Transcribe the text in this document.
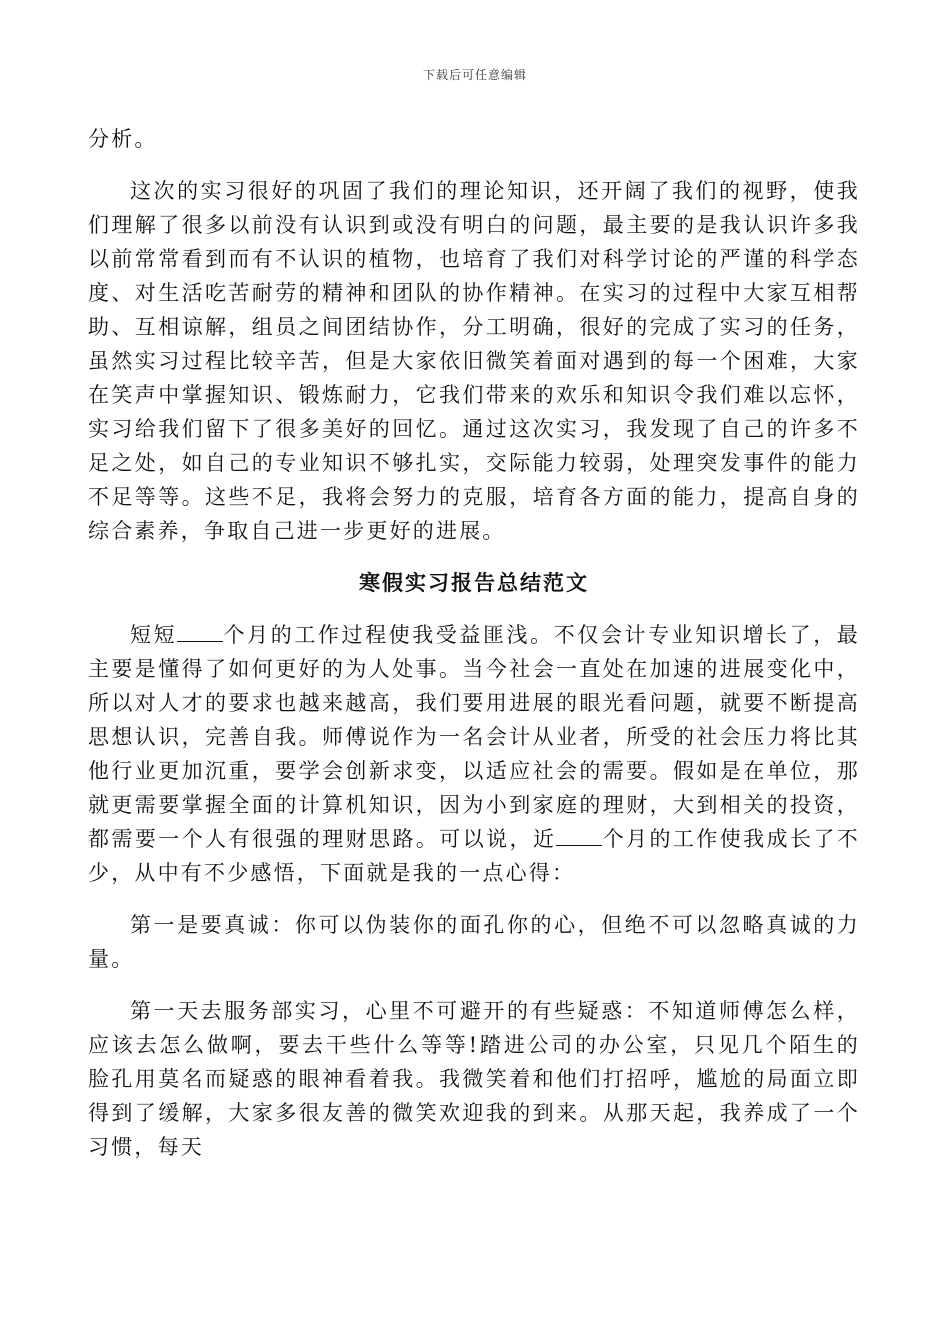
下载后可任意编辑

分析。

这次的实习很好的巩固了我们的理论知识，还开阔了我们的视野，使我们理解了很多以前没有认识到或没有明白的问题，最主要的是我认识许多我以前常常看到而有不认识的植物，也培育了我们对科学讨论的严谨的科学态度、对生活吃苦耐劳的精神和团队的协作精神。在实习的过程中大家互相帮助、互相谅解，组员之间团结协作，分工明确，很好的完成了实习的任务，虽然实习过程比较辛苦，但是大家依旧微笑着面对遇到的每一个困难，大家在笑声中掌握知识、锻炼耐力，它我们带来的欢乐和知识令我们难以忘怀，实习给我们留下了很多美好的回忆。通过这次实习，我发现了自己的许多不足之处，如自己的专业知识不够扎实，交际能力较弱，处理突发事件的能力不足等等。这些不足，我将会努力的克服，培育各方面的能力，提高自身的综合素养，争取自己进一步更好的进展。

寒假实习报告总结范文

短短 个月的工作过程使我受益匪浅。不仅会计专业知识增长了，最主要是懂得了如何更好的为人处事。当今社会一直处在加速的进展变化中，所以对人才的要求也越来越高，我们要用进展的眼光看问题，就要不断提高思想认识，完善自我。师傅说作为一名会计从业者，所受的社会压力将比其他行业更加沉重，要学会创新求变，以适应社会的需要。假如是在单位，那就更需要掌握全面的计算机知识，因为小到家庭的理财，大到相关的投资，都需要一个人有很强的理财思路。可以说，近 个月的工作使我成长了不少，从中有不少感悟，下面就是我的一点心得：

第一是要真诚：你可以伪装你的面孔你的心，但绝不可以忽略真诚的力量。

第一天去服务部实习，心里不可避开的有些疑惑：不知道师傅怎么样，应该去怎么做啊，要去干些什么等等!踏进公司的办公室，只见几个陌生的脸孔用莫名而疑惑的眼神看着我。我微笑着和他们打招呼，尴尬的局面立即得到了缓解，大家多很友善的微笑欢迎我的到来。从那天起，我养成了一个习惯，每天
